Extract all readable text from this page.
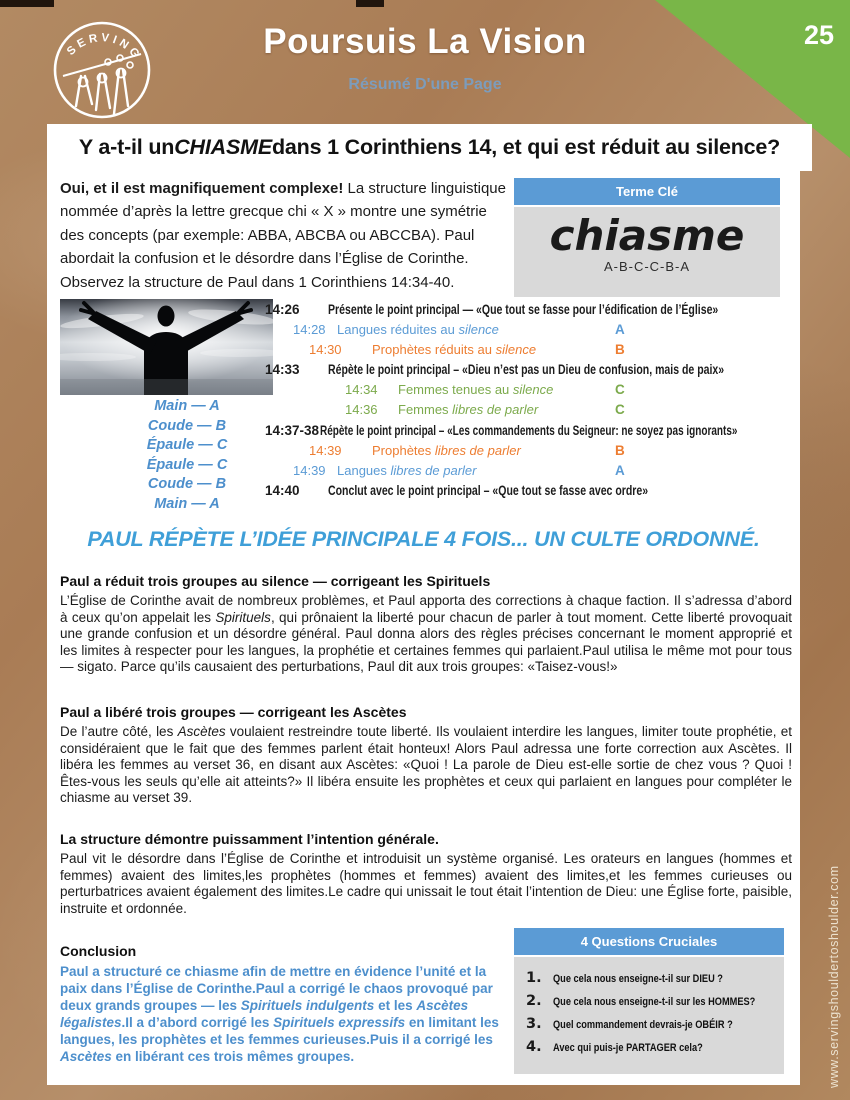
25
SERVING	Poursuis La Vision
Résumé D'une Page
Y a-t-il un CHIASME dans 1 Corinthiens 14, et qui est réduit au silence?
Oui, et il est magnifiquement complexe! La structure linguistique nommée d’après la lettre grecque chi « X » montre une symétrie des concepts (par exemple: ABBA, ABCBA ou ABCCBA). Paul abordait la confusion et le désordre dans l’Église de Corinthe. Observez la structure de Paul dans 1 Corinthiens 14:34-40.
Terme Clé
chiasme
A-B-C-C-B-A
Main — A
Coude — B
Épaule — C
Épaule — C
Coude — B
Main — A
14:26 Présente le point principal — «Que tout se fasse pour l’édification de l’Église»
14:28 Langues réduites au silence	A
14:30 Prophètes réduits au silence	B
14:33 Répète le point principal – «Dieu n’est pas un Dieu de confusion, mais de paix»
14:34 Femmes tenues au silence	C
14:36 Femmes libres de parler	C
14:37-38 Répète le point principal – «Les commandements du Seigneur: ne soyez pas ignorants»
14:39 Prophètes libres de parler	B
14:39 Langues libres de parler	A
14:40 Conclut avec le point principal – «Que tout se fasse avec ordre»
PAUL RÉPÈTE L’IDÉE PRINCIPALE 4 FOIS... UN CULTE ORDONNÉ.
Paul a réduit trois groupes au silence — corrigeant les Spirituels
L’Église de Corinthe avait de nombreux problèmes, et Paul apporta des corrections à chaque faction. Il s’adressa d’abord à ceux qu’on appelait les Spirituels, qui prônaient la liberté pour chacun de parler à tout moment. Cette liberté provoquait une grande confusion et un désordre général. Paul donna alors des règles précises concernant le moment approprié et les limites à respecter pour les langues, la prophétie et certaines femmes qui parlaient.Paul utilisa le même mot pour tous — sigato. Parce qu’ils causaient des perturbations, Paul dit aux trois groupes: «Taisez-vous!»
Paul a libéré trois groupes — corrigeant les Ascètes
De l’autre côté, les Ascètes voulaient restreindre toute liberté. Ils voulaient interdire les langues, limiter toute prophétie, et considéraient que le fait que des femmes parlent était honteux! Alors Paul adressa une forte correction aux Ascètes. Il libéra les femmes au verset 36, en disant aux Ascètes: «Quoi ! La parole de Dieu est-elle sortie de chez vous ? Quoi ! Êtes-vous les seuls qu’elle ait atteints?» Il libéra ensuite les prophètes et ceux qui parlaient en langues pour compléter le chiasme au verset 39.
La structure démontre puissamment l’intention générale.
Paul vit le désordre dans l’Église de Corinthe et introduisit un système organisé. Les orateurs en langues (hommes et femmes) avaient des limites,les prophètes (hommes et femmes) avaient des limites,et les femmes curieuses ou perturbatrices avaient également des limites.Le cadre qui unissait le tout était l’intention de Dieu: une Église forte, paisible, instruite et ordonnée.
Conclusion
Paul a structuré ce chiasme afin de mettre en évidence l’unité et la paix dans l’Église de Corinthe.Paul a corrigé le chaos provoqué par deux grands groupes — les Spirituels indulgents et les Ascètes légalistes.Il a d’abord corrigé les Spirituels expressifs en limitant les langues, les prophètes et les femmes curieuses.Puis il a corrigé les Ascètes en libérant ces trois mêmes groupes.
4 Questions Cruciales
1.	Que cela nous enseigne-t-il sur DIEU ?
2.	Que cela nous enseigne-t-il sur les HOMMES?
3.	Quel commandement devrais-je OBÉIR ?
4.	Avec qui puis-je PARTAGER cela?	www.servingshouldertoshoulder.com
